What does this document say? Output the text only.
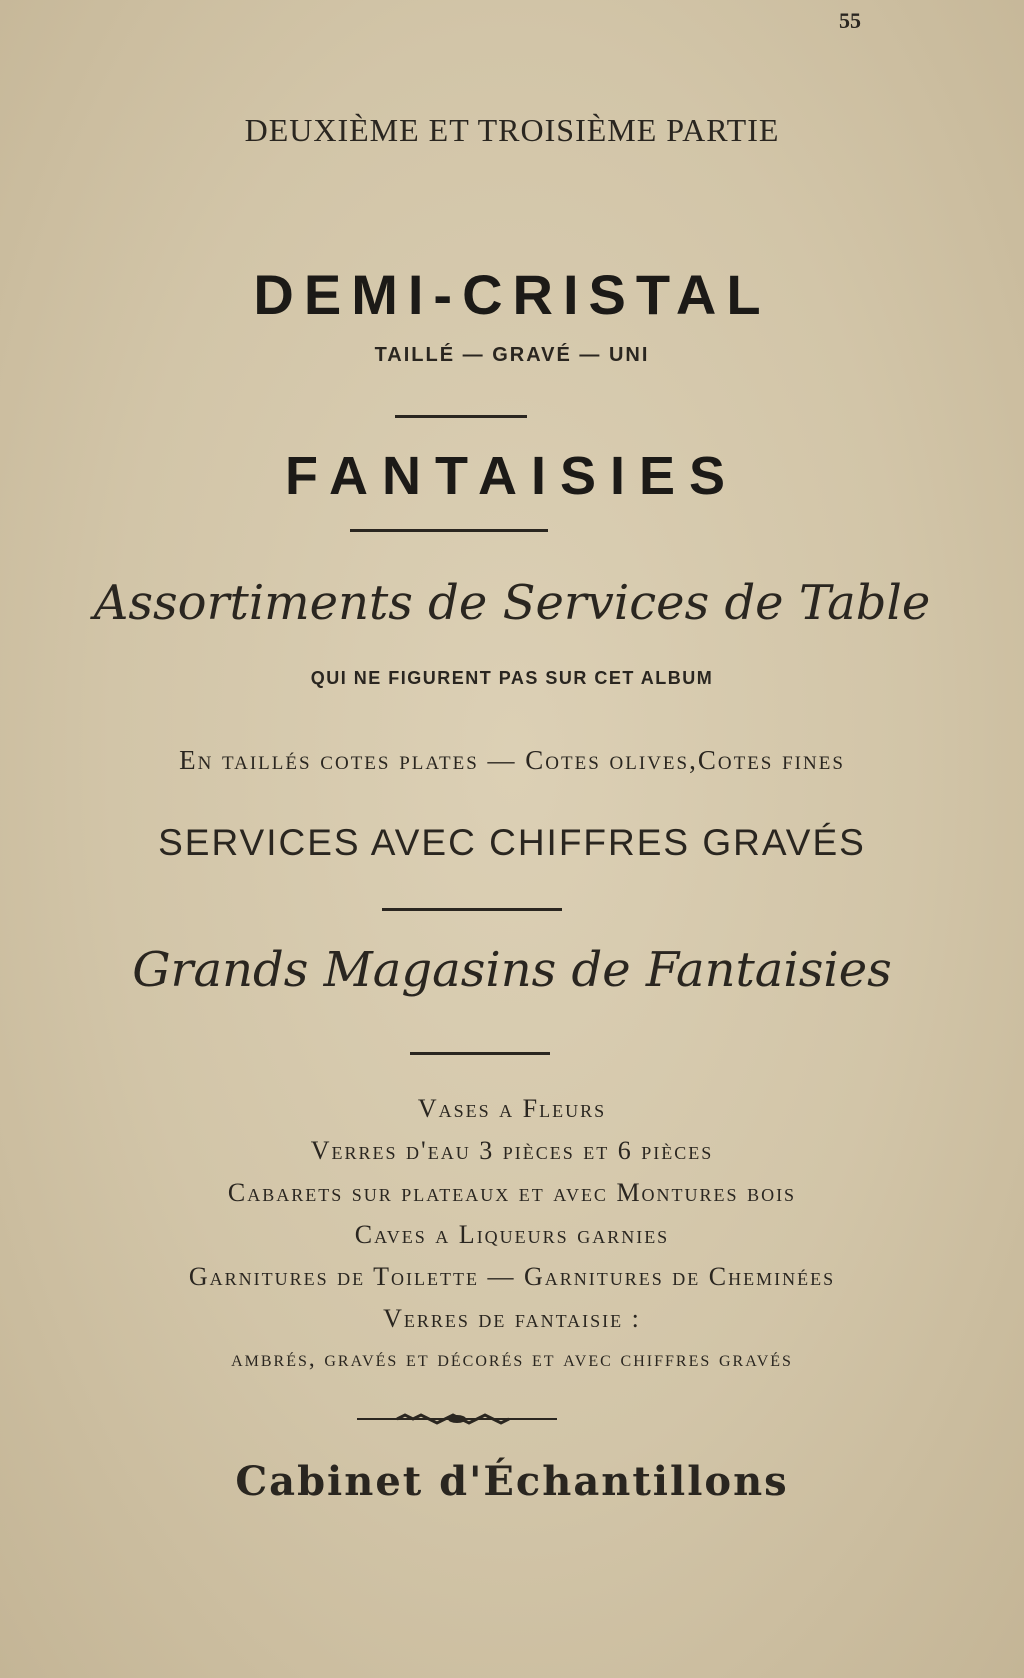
55
DEUXIÈME ET TROISIÈME PARTIE
DEMI-CRISTAL
TAILLÉ — GRAVÉ — UNI
FANTAISIES
Assortiments de Services de Table
QUI NE FIGURENT PAS SUR CET ALBUM
En taillés cotes plates — Cotes olives,Cotes fines
SERVICES AVEC CHIFFRES GRAVÉS
Grands Magasins de Fantaisies
Vases a Fleurs
Verres d'eau 3 pièces et 6 pièces
Cabarets sur plateaux et avec Montures bois
Caves a Liqueurs garnies
Garnitures de Toilette — Garnitures de Cheminées
Verres de fantaisie :
ambrés, gravés et décorés et avec chiffres gravés
Cabinet d'Échantillons
